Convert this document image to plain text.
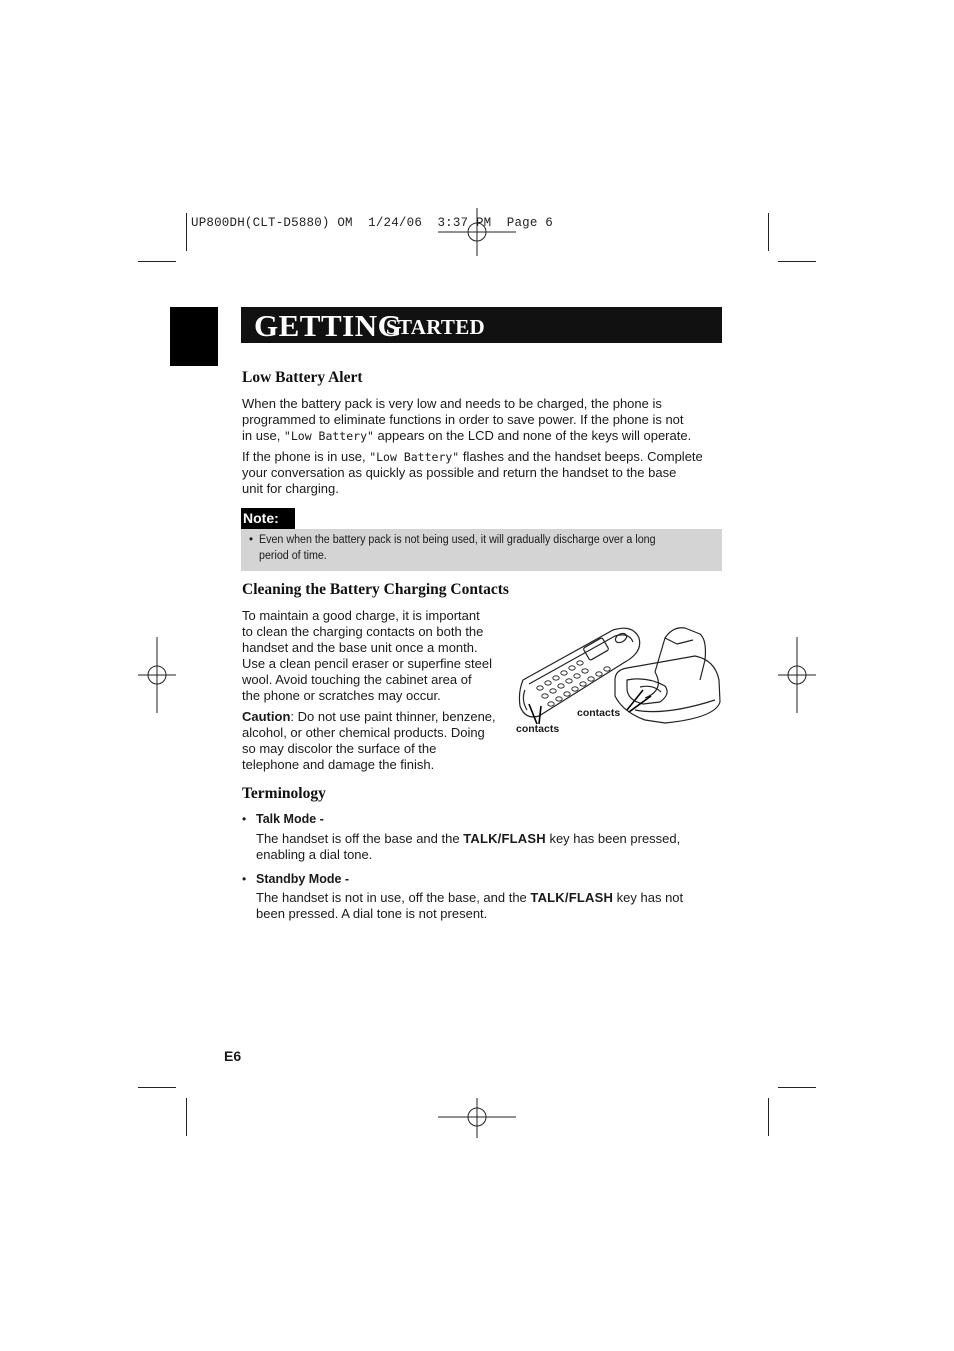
UP800DH(CLT-D5880) OM  1/24/06  3:37 PM  Page 6
GETTING
STARTED
Low Battery Alert

When the battery pack is very low and needs to be charged, the phone is

programmed to eliminate functions in order to save power. If the phone is not

in use, "Low Battery" appears on the LCD and none of the keys will operate.

If the phone is in use, "Low Battery" flashes and the handset beeps. Complete

your conversation as quickly as possible and return the handset to the base

unit for charging.

Note:
• Even when the battery pack is not being used, it will gradually discharge over a long period of time.
Cleaning the Battery Charging Contacts

To maintain a good charge, it is important

to clean the charging contacts on both the

handset and the base unit once a month.

Use a clean pencil eraser or superfine steel

wool. Avoid touching the cabinet area of

the phone or scratches may occur.

Caution: Do not use paint thinner, benzene,

alcohol, or other chemical products. Doing

so may discolor the surface of the

telephone and damage the finish.

contacts
contacts
Terminology
• Talk Mode -

The handset is off the base and the TALK/FLASH key has been pressed,

enabling a dial tone.

• Standby Mode -

The handset is not in use, off the base, and the TALK/FLASH key has not

been pressed. A dial tone is not present.

E6
